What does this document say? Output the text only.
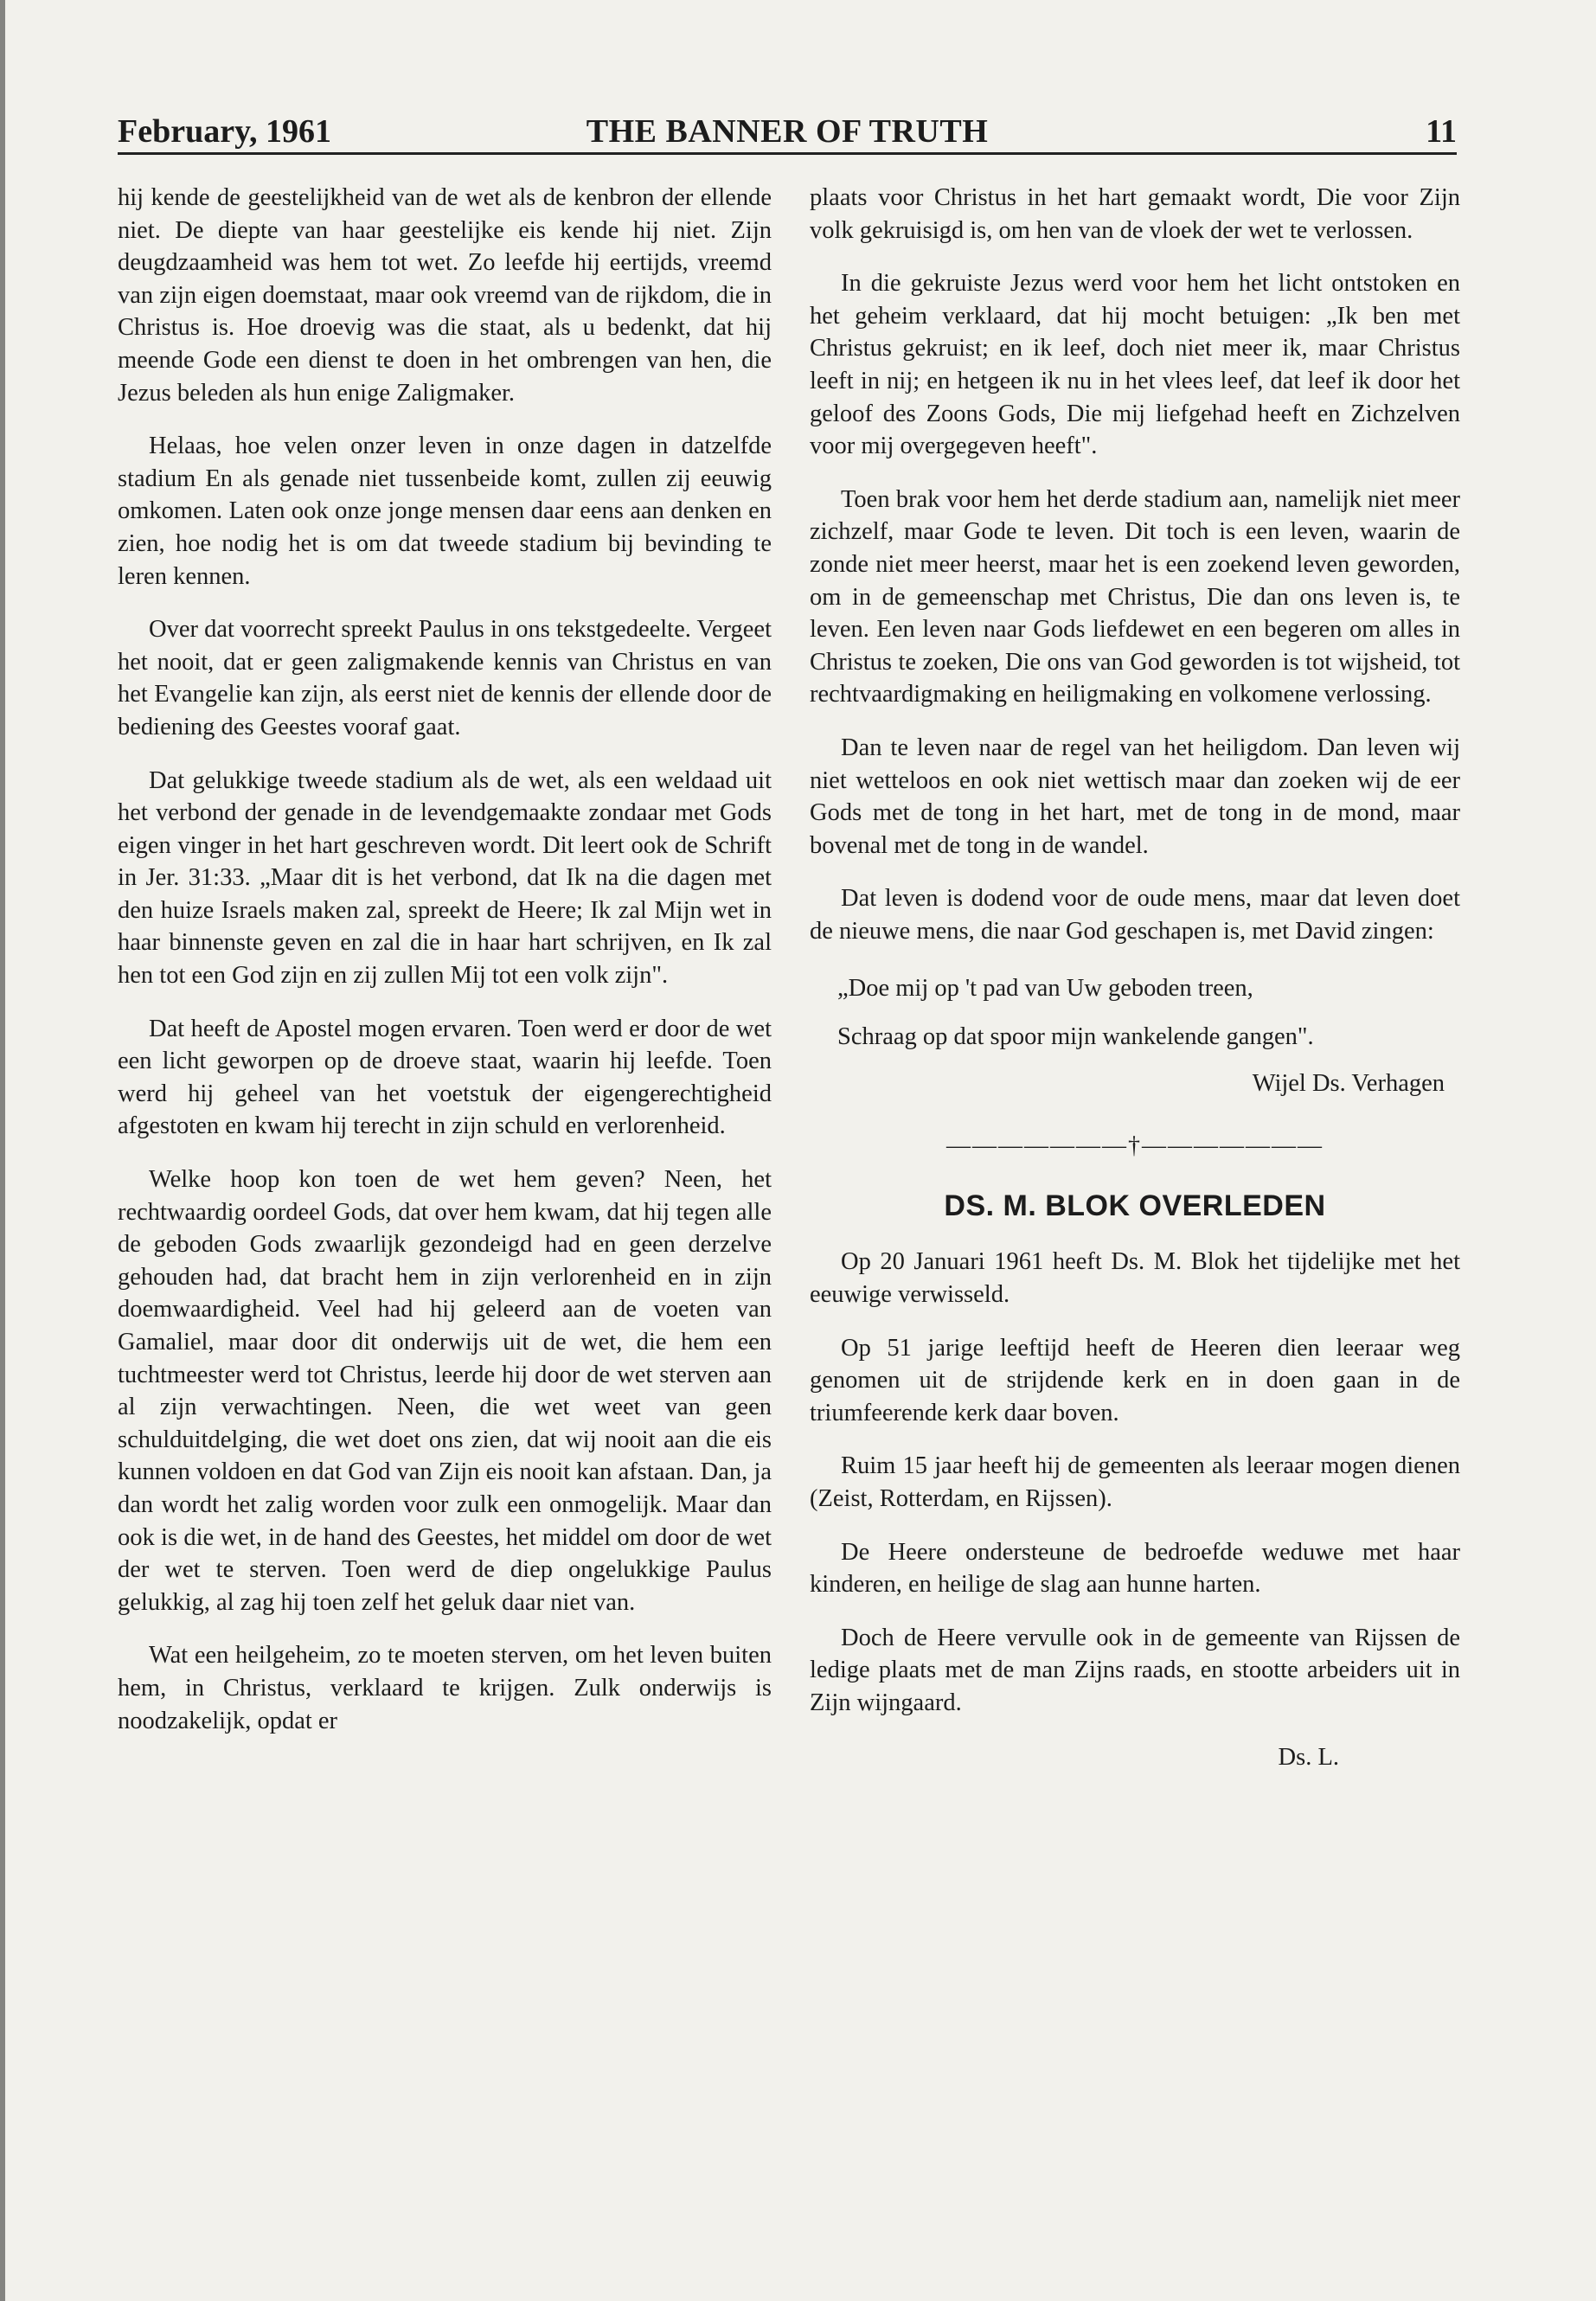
February, 1961	THE BANNER OF TRUTH	11

hij kende de geestelijkheid van de wet als de kenbron der ellende niet. De diepte van haar geestelijke eis kende hij niet. Zijn deugdzaamheid was hem tot wet. Zo leefde hij eertijds, vreemd van zijn eigen doemstaat, maar ook vreemd van de rijkdom, die in Christus is. Hoe droevig was die staat, als u bedenkt, dat hij meende Gode een dienst te doen in het ombrengen van hen, die Jezus beleden als hun enige Zaligmaker.

Helaas, hoe velen onzer leven in onze dagen in datzelfde stadium En als genade niet tussenbeide komt, zullen zij eeuwig omkomen. Laten ook onze jonge mensen daar eens aan denken en zien, hoe nodig het is om dat tweede stadium bij bevinding te leren kennen.

Over dat voorrecht spreekt Paulus in ons tekstgedeelte. Vergeet het nooit, dat er geen zaligmakende kennis van Christus en van het Evangelie kan zijn, als eerst niet de kennis der ellende door de bediening des Geestes vooraf gaat.

Dat gelukkige tweede stadium als de wet, als een weldaad uit het verbond der genade in de levendgemaakte zondaar met Gods eigen vinger in het hart geschreven wordt. Dit leert ook de Schrift in Jer. 31:33. „Maar dit is het verbond, dat Ik na die dagen met den huize Israels maken zal, spreekt de Heere; Ik zal Mijn wet in haar binnenste geven en zal die in haar hart schrijven, en Ik zal hen tot een God zijn en zij zullen Mij tot een volk zijn".

Dat heeft de Apostel mogen ervaren. Toen werd er door de wet een licht geworpen op de droeve staat, waarin hij leefde. Toen werd hij geheel van het voetstuk der eigengerechtigheid afgestoten en kwam hij terecht in zijn schuld en verlorenheid.

Welke hoop kon toen de wet hem geven? Neen, het rechtwaardig oordeel Gods, dat over hem kwam, dat hij tegen alle de geboden Gods zwaarlijk gezondeigd had en geen derzelve gehouden had, dat bracht hem in zijn verlorenheid en in zijn doemwaardigheid. Veel had hij geleerd aan de voeten van Gamaliel, maar door dit onderwijs uit de wet, die hem een tuchtmeester werd tot Christus, leerde hij door de wet sterven aan al zijn verwachtingen. Neen, die wet weet van geen schulduitdelging, die wet doet ons zien, dat wij nooit aan die eis kunnen voldoen en dat God van Zijn eis nooit kan afstaan. Dan, ja dan wordt het zalig worden voor zulk een onmogelijk. Maar dan ook is die wet, in de hand des Geestes, het middel om door de wet der wet te sterven. Toen werd de diep ongelukkige Paulus gelukkig, al zag hij toen zelf het geluk daar niet van.

Wat een heilgeheim, zo te moeten sterven, om het leven buiten hem, in Christus, verklaard te krijgen. Zulk onderwijs is noodzakelijk, opdat er

plaats voor Christus in het hart gemaakt wordt, Die voor Zijn volk gekruisigd is, om hen van de vloek der wet te verlossen.

In die gekruiste Jezus werd voor hem het licht ontstoken en het geheim verklaard, dat hij mocht betuigen: „Ik ben met Christus gekruist; en ik leef, doch niet meer ik, maar Christus leeft in nij; en hetgeen ik nu in het vlees leef, dat leef ik door het geloof des Zoons Gods, Die mij liefgehad heeft en Zichzelven voor mij overgegeven heeft".

Toen brak voor hem het derde stadium aan, namelijk niet meer zichzelf, maar Gode te leven. Dit toch is een leven, waarin de zonde niet meer heerst, maar het is een zoekend leven geworden, om in de gemeenschap met Christus, Die dan ons leven is, te leven. Een leven naar Gods liefdewet en een begeren om alles in Christus te zoeken, Die ons van God geworden is tot wijsheid, tot rechtvaardigmaking en heiligmaking en volkomene verlossing.

Dan te leven naar de regel van het heiligdom. Dan leven wij niet wetteloos en ook niet wettisch maar dan zoeken wij de eer Gods met de tong in het hart, met de tong in de mond, maar bovenal met de tong in de wandel.

Dat leven is dodend voor de oude mens, maar dat leven doet de nieuwe mens, die naar God geschapen is, met David zingen:

„Doe mij op 't pad van Uw geboden treen,
Schraag op dat spoor mijn wankelende gangen".
Wijel Ds. Verhagen
———————†———————
DS. M. BLOK OVERLEDEN

Op 20 Januari 1961 heeft Ds. M. Blok het tijdelijke met het eeuwige verwisseld.

Op 51 jarige leeftijd heeft de Heeren dien leeraar weg genomen uit de strijdende kerk en in doen gaan in de triumfeerende kerk daar boven.

Ruim 15 jaar heeft hij de gemeenten als leeraar mogen dienen (Zeist, Rotterdam, en Rijssen).

De Heere ondersteune de bedroefde weduwe met haar kinderen, en heilige de slag aan hunne harten.

Doch de Heere vervulle ook in de gemeente van Rijssen de ledige plaats met de man Zijns raads, en stootte arbeiders uit in Zijn wijngaard.

Ds. L.
